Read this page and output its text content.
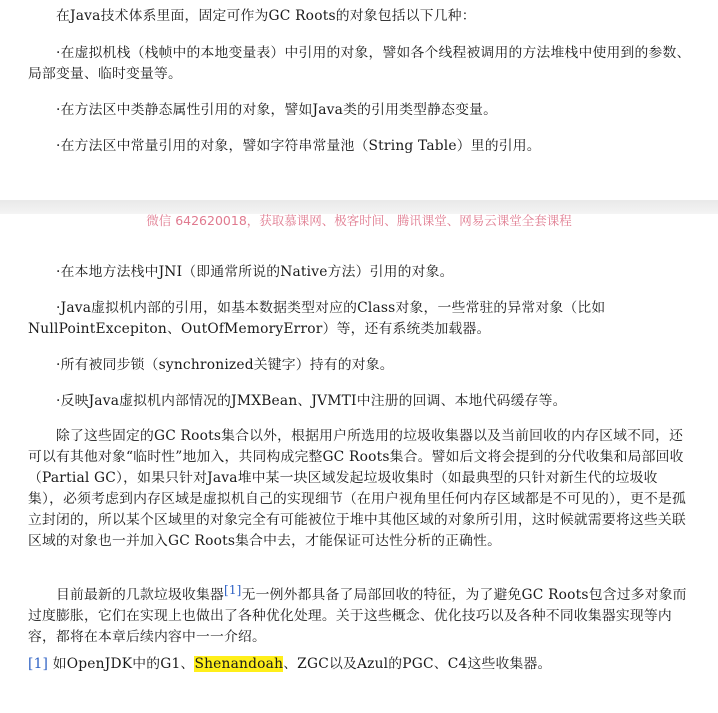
在Java技术体系里面，固定可作为GC Roots的对象包括以下几种：

·在虚拟机栈（栈帧中的本地变量表）中引用的对象，譬如各个线程被调用的方法堆栈中使用到的参数、局部变量、临时变量等。

·在方法区中类静态属性引用的对象，譬如Java类的引用类型静态变量。

·在方法区中常量引用的对象，譬如字符串常量池（String Table）里的引用。

微信 642620018，获取慕课网、极客时间、腾讯课堂、网易云课堂全套课程

·在本地方法栈中JNI（即通常所说的Native方法）引用的对象。

·Java虚拟机内部的引用，如基本数据类型对应的Class对象，一些常驻的异常对象（比如NullPointExcepiton、OutOfMemoryError）等，还有系统类加载器。

·所有被同步锁（synchronized关键字）持有的对象。

·反映Java虚拟机内部情况的JMXBean、JVMTI中注册的回调、本地代码缓存等。

除了这些固定的GC Roots集合以外，根据用户所选用的垃圾收集器以及当前回收的内存区域不同，还可以有其他对象“临时性”地加入，共同构成完整GC Roots集合。譬如后文将会提到的分代收集和局部回收（Partial GC），如果只针对Java堆中某一块区域发起垃圾收集时（如最典型的只针对新生代的垃圾收集），必须考虑到内存区域是虚拟机自己的实现细节（在用户视角里任何内存区域都是不可见的），更不是孤立封闭的，所以某个区域里的对象完全有可能被位于堆中其他区域的对象所引用，这时候就需要将这些关联区域的对象也一并加入GC Roots集合中去，才能保证可达性分析的正确性。

目前最新的几款垃圾收集器[1]无一例外都具备了局部回收的特征，为了避免GC Roots包含过多对象而过度膨胀，它们在实现上也做出了各种优化处理。关于这些概念、优化技巧以及各种不同收集器实现等内容，都将在本章后续内容中一一介绍。

[1] 如OpenJDK中的G1、Shenandoah、ZGC以及Azul的PGC、C4这些收集器。
